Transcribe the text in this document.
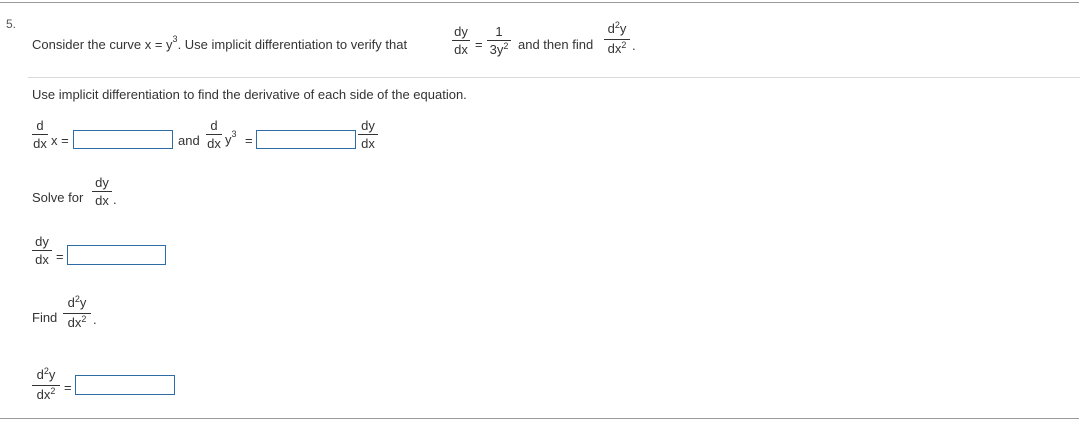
5.
Consider the curve $x = y^3$. Use implicit differentiation to verify that
dy
dx =
1
$3y^2$ and then find
$d^2y$
$dx^2$ .
Use implicit differentiation to find the derivative of each side of the equation.
d
dx x =	and
d
dx $y^3$ =
dy
dx
Solve for
dy
dx .
dy
dx =
Find
$d^2y$
$dx^2$ .
$d^2y$
$dx^2$ =
